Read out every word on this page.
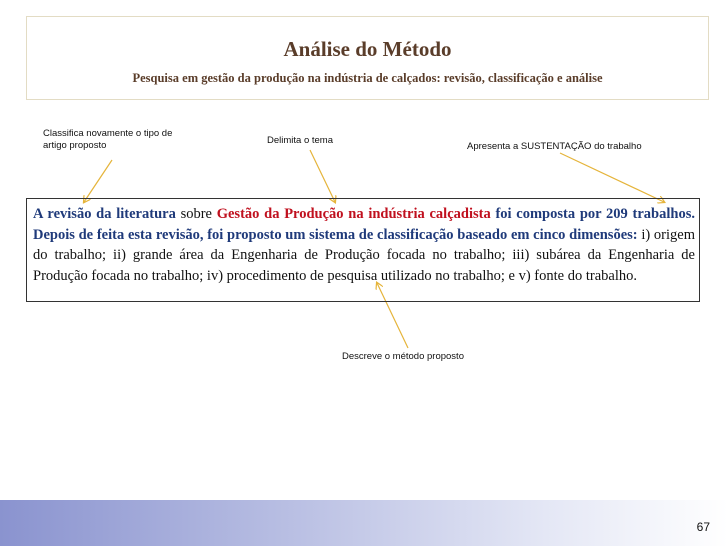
Análise do Método
Pesquisa em gestão da produção na indústria de calçados: revisão, classificação e análise
Classifica novamente o tipo de
artigo proposto	Delimita o tema
Apresenta a SUSTENTAÇÃO do trabalho
Descreve o método proposto
A revisão da literatura sobre Gestão da Produção na indústria calçadista foi composta por 209 trabalhos. Depois de feita esta revisão, foi proposto um sistema de classificação baseado em cinco dimensões: i) origem do trabalho; ii) grande área da Engenharia de Produção focada no trabalho; iii) subárea da Engenharia de Produção focada no trabalho; iv) procedimento de pesquisa utilizado no trabalho; e v) fonte do trabalho.
67
